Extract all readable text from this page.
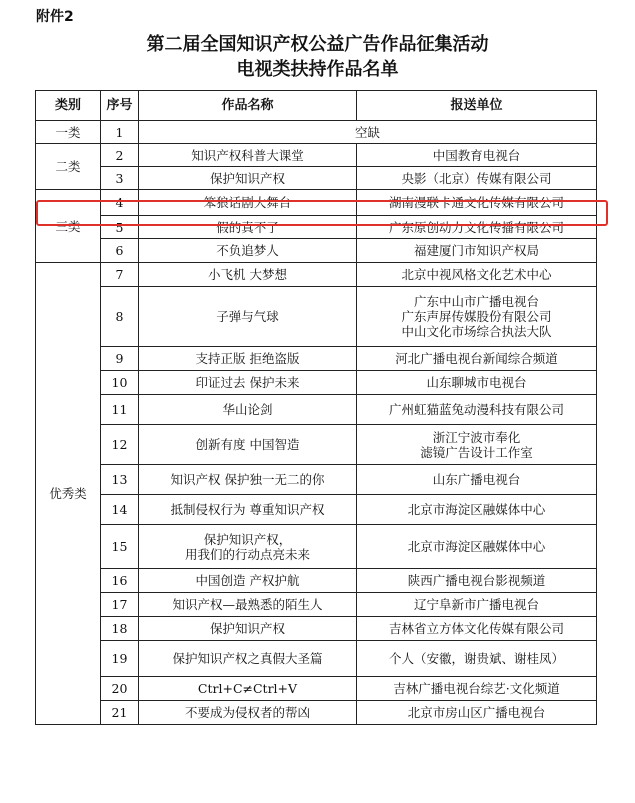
附件2
第二届全国知识产权公益广告作品征集活动
电视类扶持作品名单
类别	序号	作品名称	报送单位
一类	1	空缺	
二类	2	知识产权科普大课堂	中国教育电视台
	3	保护知识产权	央影（北京）传媒有限公司
三类	4	笨狼话剧大舞台	湖南漫联卡通文化传媒有限公司
	5	假的真不了	广东原创动力文化传播有限公司
	6	不负追梦人	福建厦门市知识产权局
优秀类	7	小飞机 大梦想	北京中视风格文化艺术中心
	8	子弹与气球	广东中山市广播电视台
广东声屏传媒股份有限公司
中山文化市场综合执法大队

	9	支持正版 拒绝盗版	河北广播电视台新闻综合频道
	10	印证过去 保护未来	山东聊城市电视台
	11	华山论剑	广州虹猫蓝兔动漫科技有限公司
	12	创新有度 中国智造	浙江宁波市奉化
滤镜广告设计工作室

	13	知识产权 保护独一无二的你	山东广播电视台
	14	抵制侵权行为 尊重知识产权	北京市海淀区融媒体中心
	15	保护知识产权，
用我们的行动点亮未来	北京市海淀区融媒体中心
	16	中国创造 产权护航	陕西广播电视台影视频道
	17	知识产权—最熟悉的陌生人	辽宁阜新市广播电视台
	18	保护知识产权	吉林省立方体文化传媒有限公司
	19	保护知识产权之真假大圣篇	个人（安徽，谢贵斌、谢桂凤）
	20	Ctrl+C≠Ctrl+V	吉林广播电视台综艺·文化频道
	21	不要成为侵权者的帮凶	北京市房山区广播电视台
